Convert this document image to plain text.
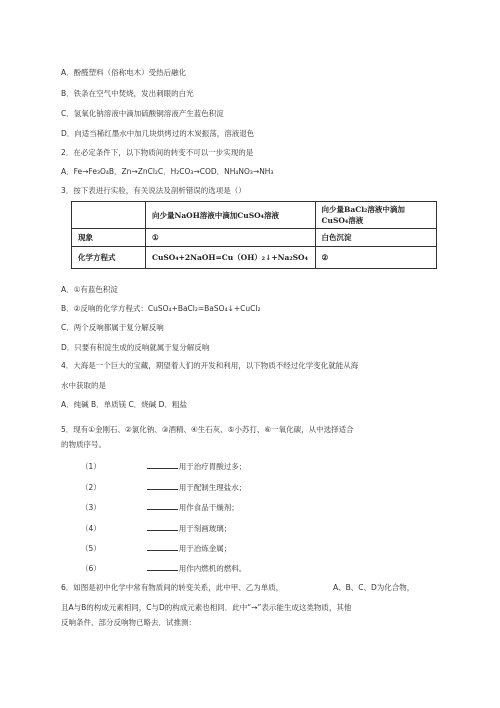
A．酚醛塑料（俗称电木）受热后融化
B．铁条在空气中焚烧，发出刺眼的白光
C．氢氧化钠溶液中滴加硫酸铜溶液产生蓝色积淀
D．向适当稀红墨水中加几块烘烤过的木炭振荡，溶液退色
2．在必定条件下，以下物质间的转变不可以一步实现的是
A．Fe→Fe₃O₄B．Zn→ZnCl₂C．H₂CO₃→COD．NH₄NO₃→NH₃
3．按下表进行实验，有关说法及剖析错误的选项是（）
	向少量NaOH溶液中滴加CuSO₄溶液	向少量BaCl₂溶液中滴加CuSO₄溶液
现象	①	白色沉淀
化学方程式	CuSO₄+2NaOH=Cu（OH）₂↓+Na₂SO₄	②
A．①有蓝色积淀
B．②反响的化学方程式：CuSO₄+BaCl₂=BaSO₄↓+CuCl₂
C．两个反响都属于复分解反响
D．只要有积淀生成的反响就属于复分解反响
4．大海是一个巨大的宝藏，期望着人们的开发和利用，以下物质不经过化学变化就能从海
水中获取的是
A．纯碱 B．单质镁 C．烧碱 D．粗盐
5．现有①金刚石、②氯化钠、③酒精、④生石灰、⑤小苏打、⑥一氧化碳，从中选择适合
的物质序号。
（1）	用于治疗胃酸过多；
（2）	用于配制生理盐水；
（3）	用作食品干燥剂；
（4）	用于刻画玻璃；
（5）	用于冶炼金属；
（6）	用作内燃机的燃料。
6．如图是初中化学中常有物质间的转变关系，此中甲、乙为单质，	A、B、C、D为化合物，
且A与B的构成元素相同，C与D的构成元素也相同．此中“→”表示能生成这类物质，其他
反响条件、部分反响物已略去．试推测：
